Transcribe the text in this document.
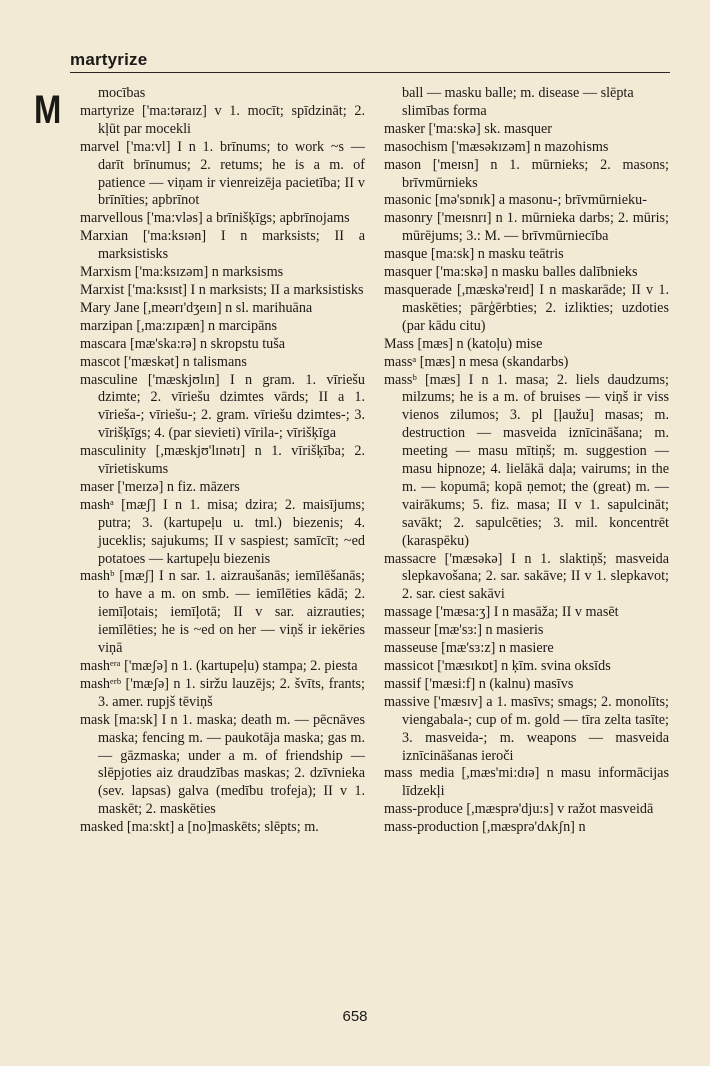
martyrize
M	mocības
martyrize ['ma:təraɪz] v 1. mocīt; spīdzināt; 2. kļūt par mocekli
marvel ['ma:vl] I n 1. brīnums; to work ~s — darīt brīnumus; 2. retums; he is a m. of patience — viņam ir vienreizēja pacietība; II v brīnīties; apbrīnot
marvellous ['ma:vləs] a brīnišķīgs; apbrīnojams
Marxian ['ma:ksɪən] I n marksists; II a marksistisks
Marxism ['ma:ksɪzəm] n marksisms
Marxist ['ma:ksɪst] I n marksists; II a marksistisks
Mary Jane [,meərɪ'dʒeɪn] n sl. marihuāna
marzipan [,ma:zɪpæn] n marcipāns
mascara [mæ'ska:rə] n skropstu tuša
mascot ['mæskət] n talismans
masculine ['mæskjʊlɪn] I n gram. 1. vīriešu dzimte; 2. vīriešu dzimtes vārds; II a 1. vīriešа-; vīriešu-; 2. gram. vīriešu dzimtes-; 3. vīrišķīgs; 4. (par sievieti) vīrila-; vīrišķīga
masculinity [,mæskjʊ'lɪnətɪ] n 1. vīrišķība; 2. vīrietiskums
maser ['meɪzə] n fiz. māzers
mashᵃ [mæʃ] I n 1. misa; dzira; 2. maisījums; putra; 3. (kartupeļu u. tml.) biezenis; 4. juceklis; sajukums; II v saspiest; samīcīt; ~ed potatoes — kartupeļu biezenis
mashᵇ [mæʃ] I n sar. 1. aizraušanās; iemīlēšanās; to have a m. on smb. — iemīlēties kādā; 2. iemīļotais; iemīļotā; II v sar. aizrauties; iemīlēties; he is ~ed on her — viņš ir iekēries viņā
mashᵉʳᵃ ['mæʃə] n 1. (kartupeļu) stampa; 2. piesta
mashᵉʳᵇ ['mæʃə] n 1. siržu lauzējs; 2. švīts, frants; 3. amer. rupjš tēviņš
mask [ma:sk] I n 1. maska; death m. — pēcnāves maska; fencing m. — paukotāja maska; gas m. — gāzmaska; under a m. of friendship — slēpjoties aiz draudzības maskas; 2. dzīvnieka (sev. lapsas) galva (medību trofeja); II v 1. maskēt; 2. maskēties
masked [ma:skt] a [no]maskēts; slēpts; m.
ball — masku balle; m. disease — slēpta slimības forma
masker ['ma:skə] sk. masquer
masochism ['mæsəkɪzəm] n mazohisms
mason ['meɪsn] n 1. mūrnieks; 2. masons; brīvmūrnieks
masonic [mə'sɒnɪk] a masonu-; brīvmūrnieku-
masonry ['meɪsnrɪ] n 1. mūrnieka darbs; 2. mūris; mūrējums; 3.: M. — brīvmūrniecība
masque [ma:sk] n masku teātris
masquer ['ma:skə] n masku balles dalībnieks
masquerade [,mæskə'reɪd] I n maskarāde; II v 1. maskēties; pārģērbties; 2. izlikties; uzdoties (par kādu citu)
Mass [mæs] n (katoļu) mise
massᵃ [mæs] n mesa (skandarbs)
massᵇ [mæs] I n 1. masa; 2. liels daudzums; milzums; he is a m. of bruises — viņš ir viss vienos zilumos; 3. pl [ļaužu] masas; m. destruction — masveida iznīcināšana; m. meeting — masu mītiņš; m. suggestion — masu hipnoze; 4. lielākā daļa; vairums; in the m. — kopumā; kopā ņemot; the (great) m. — vairākums; 5. fiz. masa; II v 1. sapulcināt; savākt; 2. sapulcēties; 3. mil. koncentrēt (karaspēku)
massacre ['mæsəkə] I n 1. slaktiņš; masveida slepkavošana; 2. sar. sakāve; II v 1. slepkavot; 2. sar. ciest sakāvi
massage ['mæsa:ʒ] I n masāža; II v masēt
masseur [mæ'sɜ:] n masieris
masseuse [mæ'sɜ:z] n masiere
massicot ['mæsɪkɒt] n ķīm. svina oksīds
massif ['mæsi:f] n (kalnu) masīvs
massive ['mæsɪv] a 1. masīvs; smags; 2. monolīts; viengabala-; cup of m. gold — tīra zelta tasīte; 3. masveida-; m. weapons — masveida iznīcināšanas ieroči
mass media [,mæs'mi:dɪə] n masu informācijas līdzekļi
mass-produce [,mæsprə'dju:s] v ražot masveidā
mass-production [,mæsprə'dʌkʃn] n
658
